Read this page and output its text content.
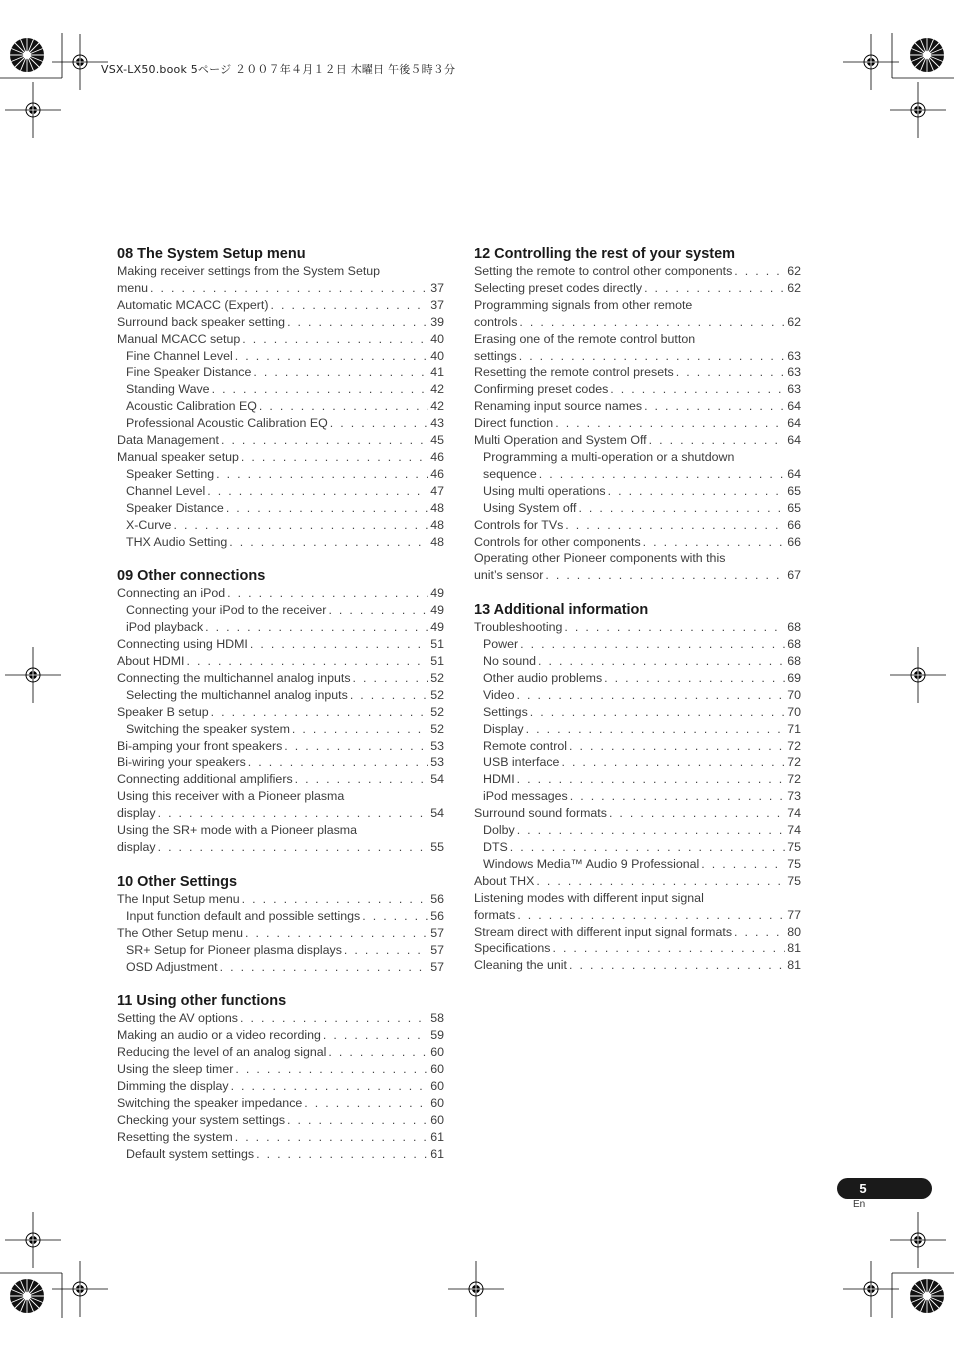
VSX-LX50.book 5ページ ２００７年４月１２日 木曜日 午後５時３分
08 The System Setup menu
Making receiver settings from the System Setup
menu . . .	37
Automatic MCACC (Expert) . . .	37
Surround back speaker setting . . .	39
Manual MCACC setup . . .	40
Fine Channel Level . . .	40
Fine Speaker Distance . . .	41
Standing Wave . . .	42
Acoustic Calibration EQ . . .	42
Professional Acoustic Calibration EQ . . .	43
Data Management . . .	45
Manual speaker setup . . .	46
Speaker Setting . . .	46
Channel Level . . .	47
Speaker Distance . . .	48
X-Curve . . .	48
THX Audio Setting . . .	48
09 Other connections
Connecting an iPod . . .	49
Connecting your iPod to the receiver . . .	49
iPod playback . . .	49
Connecting using HDMI . . .	51
About HDMI . . .	51
Connecting the multichannel analog inputs . . .	52
Selecting the multichannel analog inputs . . .	52
Speaker B setup . . .	52
Switching the speaker system . . .	52
Bi-amping your front speakers . . .	53
Bi-wiring your speakers . . .	53
Connecting additional amplifiers . . .	54
Using this receiver with a Pioneer plasma
display . . .	54
Using the SR+ mode with a Pioneer plasma
display . . .	55
10 Other Settings
The Input Setup menu . . .	56
Input function default and possible settings . . .	56
The Other Setup menu . . .	57
SR+ Setup for Pioneer plasma displays . . .	57
OSD Adjustment . . .	57
11 Using other functions
Setting the AV options . . .	58
Making an audio or a video recording . . .	59
Reducing the level of an analog signal . . .	60
Using the sleep timer . . .	60
Dimming the display . . .	60
Switching the speaker impedance . . .	60
Checking your system settings . . .	60
Resetting the system . . .	61
Default system settings . . .	61
12 Controlling the rest of your system
Setting the remote to control other components . . .	62
Selecting preset codes directly . . .	62
Programming signals from other remote
controls . . .	62
Erasing one of the remote control button
settings . . .	63
Resetting the remote control presets . . .	63
Confirming preset codes . . .	63
Renaming input source names . . .	64
Direct function . . .	64
Multi Operation and System Off . . .	64
Programming a multi-operation or a shutdown
sequence . . .	64
Using multi operations . . .	65
Using System off . . .	65
Controls for TVs . . .	66
Controls for other components . . .	66
Operating other Pioneer components with this
unit’s sensor . . .	67
13 Additional information
Troubleshooting . . .	68
Power . . .	68
No sound . . .	68
Other audio problems . . .	69
Video . . .	70
Settings . . .	70
Display . . .	71
Remote control . . .	72
USB interface . . .	72
HDMI . . .	72
iPod messages . . .	73
Surround sound formats . . .	74
Dolby . . .	74
DTS . . .	75
Windows Media™ Audio 9 Professional . . .	75
About THX . . .	75
Listening modes with different input signal
formats . . .	77
Stream direct with different input signal formats . . .	80
Specifications . . .	81
Cleaning the unit . . .	81
5
En
